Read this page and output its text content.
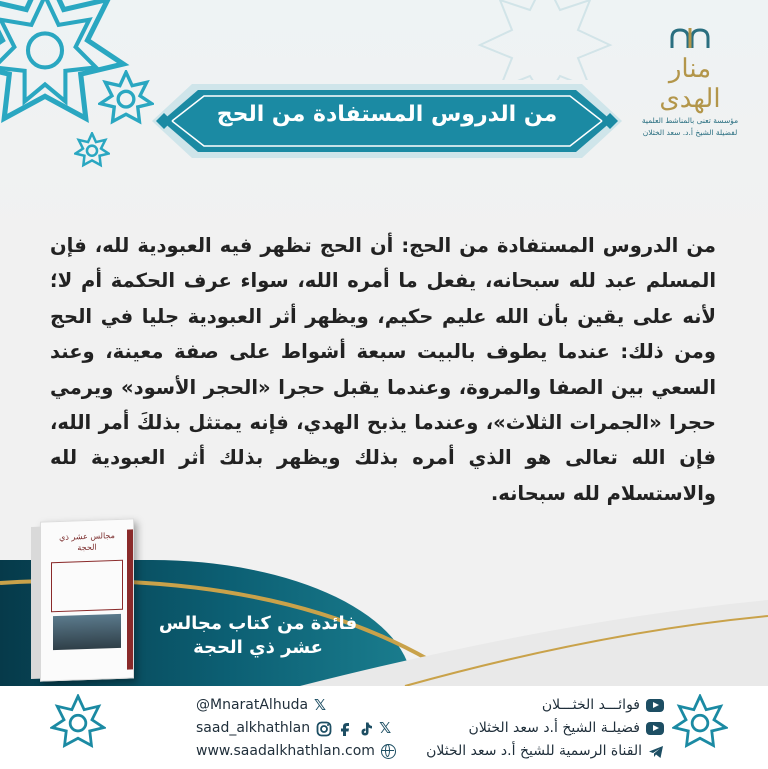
منار الهدى
مؤسسة تعنى بالمناشط العلمية
لفضيلة الشيخ أ.د. سعد الخثلان
من الدروس المستفادة من الحج
من الدروس المستفادة من الحج: أن الحج تظهر فيه العبودية لله، فإن المسلم عبد لله سبحانه، يفعل ما أمره الله، سواء عرف الحكمة أم لا؛ لأنه على يقين بأن الله عليم حكيم، ويظهر أثر العبودية جليا في الحج ومن ذلك: عندما يطوف بالبيت سبعة أشواط على صفة معينة، وعند السعي بين الصفا والمروة، وعندما يقبل حجرا «الحجر الأسود» ويرمي حجرا «الجمرات الثلاث»، وعندما يذبح الهدي، فإنه يمتثل بذلكَ أمر الله، فإن الله تعالى هو الذي أمره بذلك ويظهر بذلك أثر العبودية لله والاستسلام لله سبحانه.
مجالس عشر ذي الحجة
فائدة من كتاب مجالس
عشر ذي الحجة
@MnaratAlhuda 𝕏
saad_alkhathlan	𝕏
www.saadalkhathlan.com
فوائـــد الخثـــلان
فضيلـة الشيخ أ.د سعد الخثلان
القناة الرسمية للشيخ أ.د سعد الخثلان
